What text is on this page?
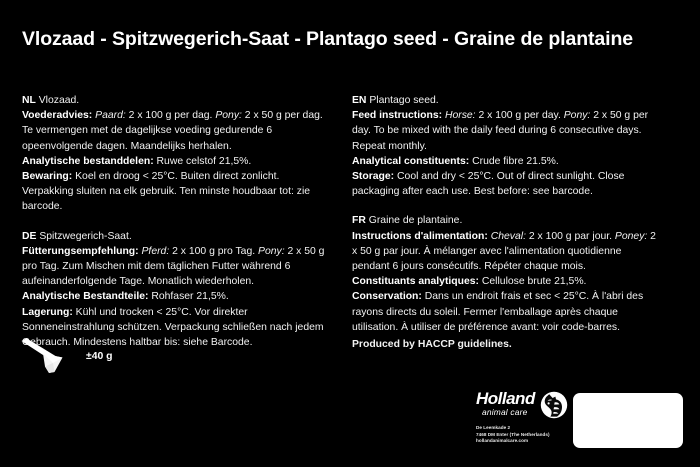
Vlozaad - Spitzwegerich-Saat - Plantago seed - Graine de plantaine

NL Vlozaad.

Voederadvies: Paard: 2 x 100 g per dag. Pony: 2 x 50 g per dag. Te vermengen met de dagelijkse voeding gedurende 6 opeenvolgende dagen. Maandelijks herhalen.

Analytische bestanddelen: Ruwe celstof 21,5%.

Bewaring: Koel en droog < 25°C. Buiten direct zonlicht. Verpakking sluiten na elk gebruik. Ten minste houdbaar tot: zie barcode.

DE Spitzwegerich-Saat.

Fütterungsempfehlung: Pferd: 2 x 100 g pro Tag. Pony: 2 x 50 g pro Tag. Zum Mischen mit dem täglichen Futter während 6 aufeinanderfolgende Tage. Monatlich wiederholen.

Analytische Bestandteile: Rohfaser 21,5%.

Lagerung: Kühl und trocken < 25°C. Vor direkter Sonneneinstrahlung schützen. Verpackung schließen nach jedem Gebrauch. Mindestens haltbar bis: siehe Barcode.

EN Plantago seed.

Feed instructions: Horse: 2 x 100 g per day. Pony: 2 x 50 g per day. To be mixed with the daily feed during 6 consecutive days. Repeat monthly.

Analytical constituents: Crude fibre 21.5%.

Storage: Cool and dry < 25°C. Out of direct sunlight. Close packaging after each use. Best before: see barcode.

FR Graine de plantaine.

Instructions d'alimentation: Cheval: 2 x 100 g par jour. Poney: 2 x 50 g par jour. À mélanger avec l'alimentation quotidienne pendant 6 jours consécutifs. Répéter chaque mois.

Constituants analytiques: Cellulose brute 21,5%.

Conservation: Dans un endroit frais et sec < 25°C. À l'abri des rayons directs du soleil. Fermer l'emballage après chaque utilisation. À utiliser de préférence avant: voir code-barres.

±40 g
Produced by HACCP guidelines.
Holland
animal care
De Leemkade 2
7468 DM Enter (The Netherlands)
hollandanimalcare.com
